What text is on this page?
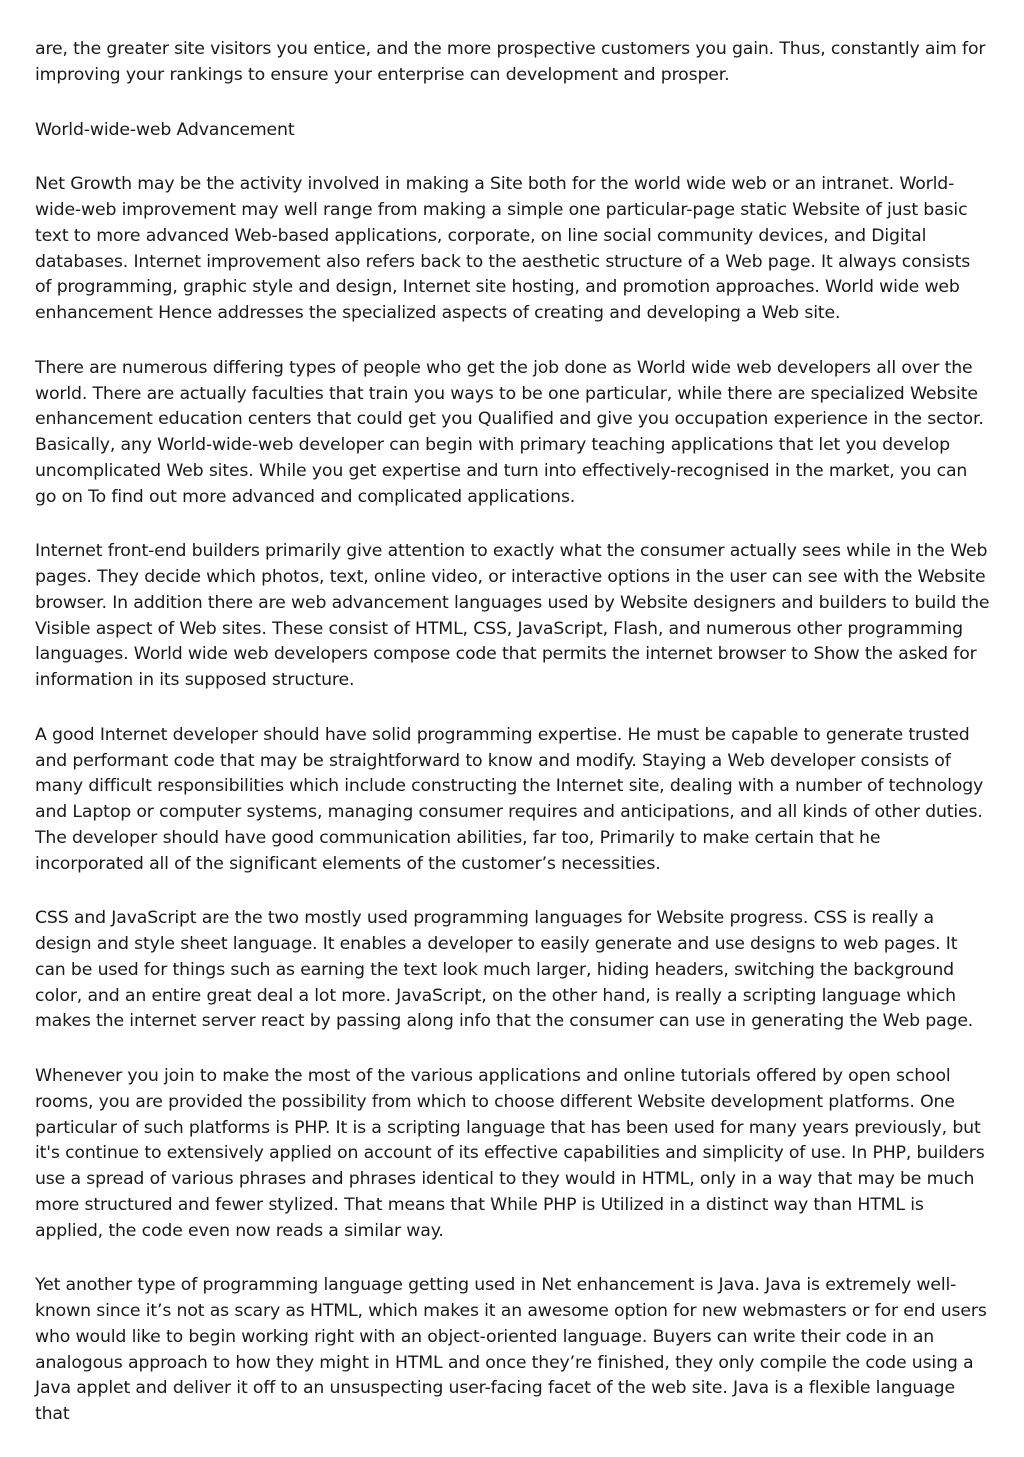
are, the greater site visitors you entice, and the more prospective customers you gain. Thus, constantly aim for improving your rankings to ensure your enterprise can development and prosper.

World-wide-web Advancement

Net Growth may be the activity involved in making a Site both for the world wide web or an intranet. World-wide-web improvement may well range from making a simple one particular-page static Website of just basic text to more advanced Web-based applications, corporate, on line social community devices, and Digital databases. Internet improvement also refers back to the aesthetic structure of a Web page. It always consists of programming, graphic style and design, Internet site hosting, and promotion approaches. World wide web enhancement Hence addresses the specialized aspects of creating and developing a Web site.

There are numerous differing types of people who get the job done as World wide web developers all over the world. There are actually faculties that train you ways to be one particular, while there are specialized Website enhancement education centers that could get you Qualified and give you occupation experience in the sector. Basically, any World-wide-web developer can begin with primary teaching applications that let you develop uncomplicated Web sites. While you get expertise and turn into effectively-recognised in the market, you can go on To find out more advanced and complicated applications.

Internet front-end builders primarily give attention to exactly what the consumer actually sees while in the Web pages. They decide which photos, text, online video, or interactive options in the user can see with the Website browser. In addition there are web advancement languages used by Website designers and builders to build the Visible aspect of Web sites. These consist of HTML, CSS, JavaScript, Flash, and numerous other programming languages. World wide web developers compose code that permits the internet browser to Show the asked for information in its supposed structure.

A good Internet developer should have solid programming expertise. He must be capable to generate trusted and performant code that may be straightforward to know and modify. Staying a Web developer consists of many difficult responsibilities which include constructing the Internet site, dealing with a number of technology and Laptop or computer systems, managing consumer requires and anticipations, and all kinds of other duties. The developer should have good communication abilities, far too, Primarily to make certain that he incorporated all of the significant elements of the customer’s necessities.

CSS and JavaScript are the two mostly used programming languages for Website progress. CSS is really a design and style sheet language. It enables a developer to easily generate and use designs to web pages. It can be used for things such as earning the text look much larger, hiding headers, switching the background color, and an entire great deal a lot more. JavaScript, on the other hand, is really a scripting language which makes the internet server react by passing along info that the consumer can use in generating the Web page.

Whenever you join to make the most of the various applications and online tutorials offered by open school rooms, you are provided the possibility from which to choose different Website development platforms. One particular of such platforms is PHP. It is a scripting language that has been used for many years previously, but it's continue to extensively applied on account of its effective capabilities and simplicity of use. In PHP, builders use a spread of various phrases and phrases identical to they would in HTML, only in a way that may be much more structured and fewer stylized. That means that While PHP is Utilized in a distinct way than HTML is applied, the code even now reads a similar way.

Yet another type of programming language getting used in Net enhancement is Java. Java is extremely well-known since it’s not as scary as HTML, which makes it an awesome option for new webmasters or for end users who would like to begin working right with an object-oriented language. Buyers can write their code in an analogous approach to how they might in HTML and once they’re finished, they only compile the code using a Java applet and deliver it off to an unsuspecting user-facing facet of the web site. Java is a flexible language that
